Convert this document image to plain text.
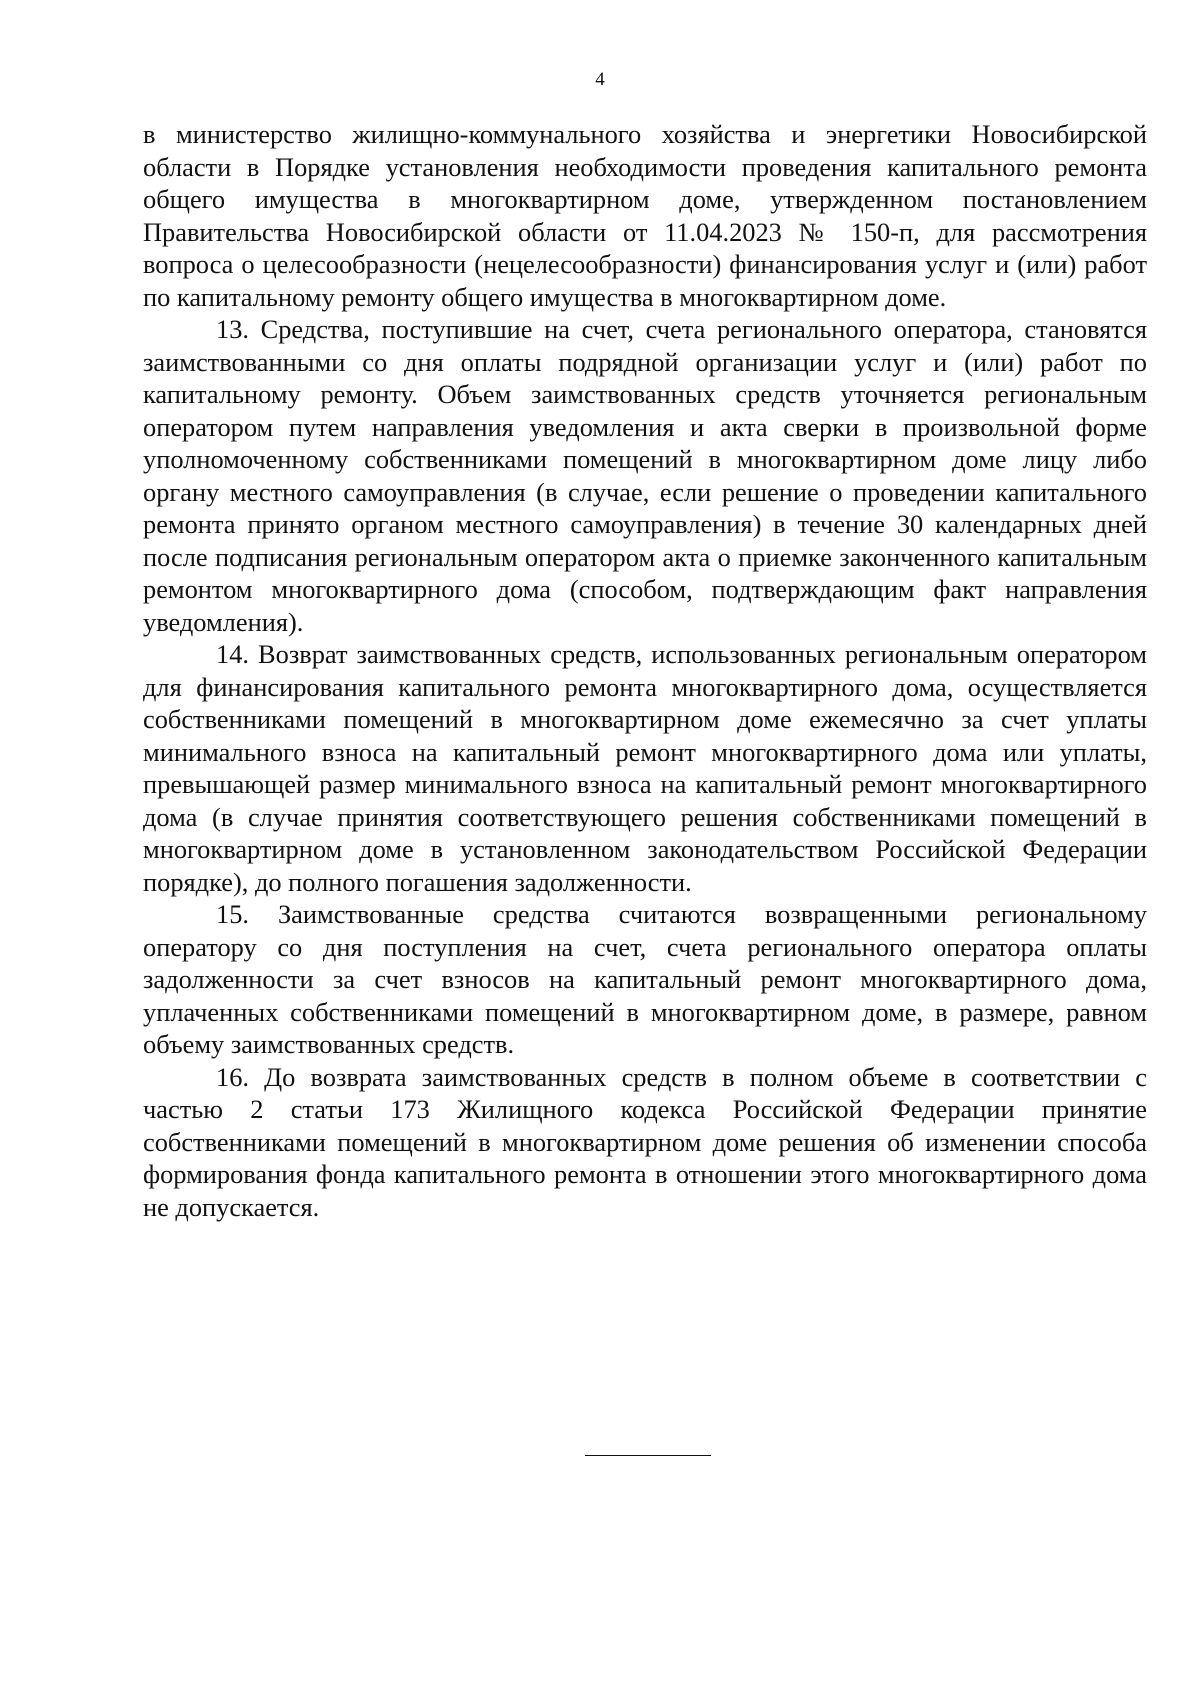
4

в министерство жилищно-коммунального хозяйства и энергетики Новосибирской области в Порядке установления необходимости проведения капитального ремонта общего имущества в многоквартирном доме, утвержденном постановлением Правительства Новосибирской области от 11.04.2023 № 150-п, для рассмотрения вопроса о целесообразности (нецелесообразности) финансирования услуг и (или) работ по капитальному ремонту общего имущества в многоквартирном доме.

13. Средства, поступившие на счет, счета регионального оператора, становятся заимствованными со дня оплаты подрядной организации услуг и (или) работ по капитальному ремонту. Объем заимствованных средств уточняется региональным оператором путем направления уведомления и акта сверки в произвольной форме уполномоченному собственниками помещений в многоквартирном доме лицу либо органу местного самоуправления (в случае, если решение о проведении капитального ремонта принято органом местного самоуправления) в течение 30 календарных дней после подписания региональным оператором акта о приемке законченного капитальным ремонтом многоквартирного дома (способом, подтверждающим факт направления уведомления).

14. Возврат заимствованных средств, использованных региональным оператором для финансирования капитального ремонта многоквартирного дома, осуществляется собственниками помещений в многоквартирном доме ежемесячно за счет уплаты минимального взноса на капитальный ремонт многоквартирного дома или уплаты, превышающей размер минимального взноса на капитальный ремонт многоквартирного дома (в случае принятия соответствующего решения собственниками помещений в многоквартирном доме в установленном законодательством Российской Федерации порядке), до полного погашения задолженности.

15. Заимствованные средства считаются возвращенными региональному оператору со дня поступления на счет, счета регионального оператора оплаты задолженности за счет взносов на капитальный ремонт многоквартирного дома, уплаченных собственниками помещений в многоквартирном доме, в размере, равном объему заимствованных средств.

16. До возврата заимствованных средств в полном объеме в соответствии с частью 2 статьи 173 Жилищного кодекса Российской Федерации принятие собственниками помещений в многоквартирном доме решения об изменении способа формирования фонда капитального ремонта в отношении этого многоквартирного дома не допускается.
